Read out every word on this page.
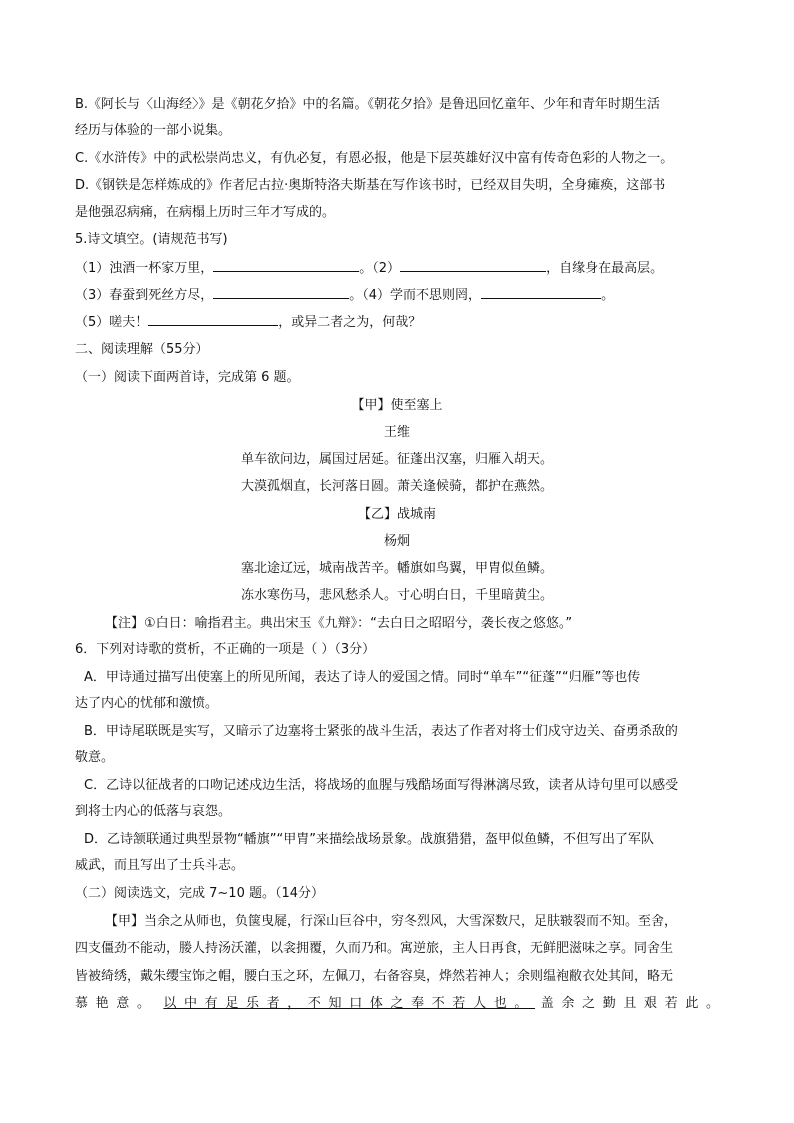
B.《阿长与〈山海经〉》是《朝花夕拾》中的名篇。《朝花夕拾》是鲁迅回忆童年、少年和青年时期生活
经历与体验的一部小说集。
C.《水浒传》中的武松崇尚忠义，有仇必复，有恩必报，他是下层英雄好汉中富有传奇色彩的人物之一。
D.《钢铁是怎样炼成的》作者尼古拉·奥斯特洛夫斯基在写作该书时，已经双目失明，全身瘫痪，这部书
是他强忍病痛，在病榻上历时三年才写成的。
5.诗文填空。(请规范书写)
（1）浊酒一杯家万里，	。（2）	，自缘身在最高层。
（3）春蚕到死丝方尽，	。（4）学而不思则罔，	。
（5）嗟夫！	，或异二者之为，何哉？
二、阅读理解（55分）
（一）阅读下面两首诗，完成第 6 题。
【甲】使至塞上
王维
单车欲问边，属国过居延。征蓬出汉塞，归雁入胡天。
大漠孤烟直，长河落日圆。萧关逢候骑，都护在燕然。
【乙】战城南
杨炯
塞北途辽远，城南战苦辛。幡旗如鸟翼，甲胄似鱼鳞。
冻水寒伤马，悲风愁杀人。寸心明白日，千里暗黄尘。
【注】①白日：喻指君主。典出宋玉《九辩》：“去白日之昭昭兮，袭长夜之悠悠。”
6．下列对诗歌的赏析，不正确的一项是（ ）（3分）
A．甲诗通过描写出使塞上的所见所闻，表达了诗人的爱国之情。同时“单车”“征蓬”“归雁”等也传
达了内心的忧郁和激愤。
B．甲诗尾联既是实写，又暗示了边塞将士紧张的战斗生活，表达了作者对将士们戍守边关、奋勇杀敌的
敬意。
C．乙诗以征战者的口吻记述戍边生活，将战场的血腥与残酷场面写得淋漓尽致，读者从诗句里可以感受
到将士内心的低落与哀怨。
D．乙诗颔联通过典型景物“幡旗”“甲胄”来描绘战场景象。战旗猎猎，盔甲似鱼鳞，不但写出了军队
威武，而且写出了士兵斗志。
（二）阅读选文，完成 7~10 题。（14分）
【甲】当余之从师也，负箧曳屣，行深山巨谷中，穷冬烈风，大雪深数尺，足肤皲裂而不知。至舍，
四支僵劲不能动，媵人持汤沃灌，以衾拥覆，久而乃和。寓逆旅，主人日再食，无鲜肥滋味之享。同舍生
皆被绮绣，戴朱缨宝饰之帽，腰白玉之环，左佩刀，右备容臭，烨然若神人；余则缊袍敝衣处其间，略无
慕艳意。 以中有足乐者，不知口体之奉不若人也。 盖余之勤且艰若此。
